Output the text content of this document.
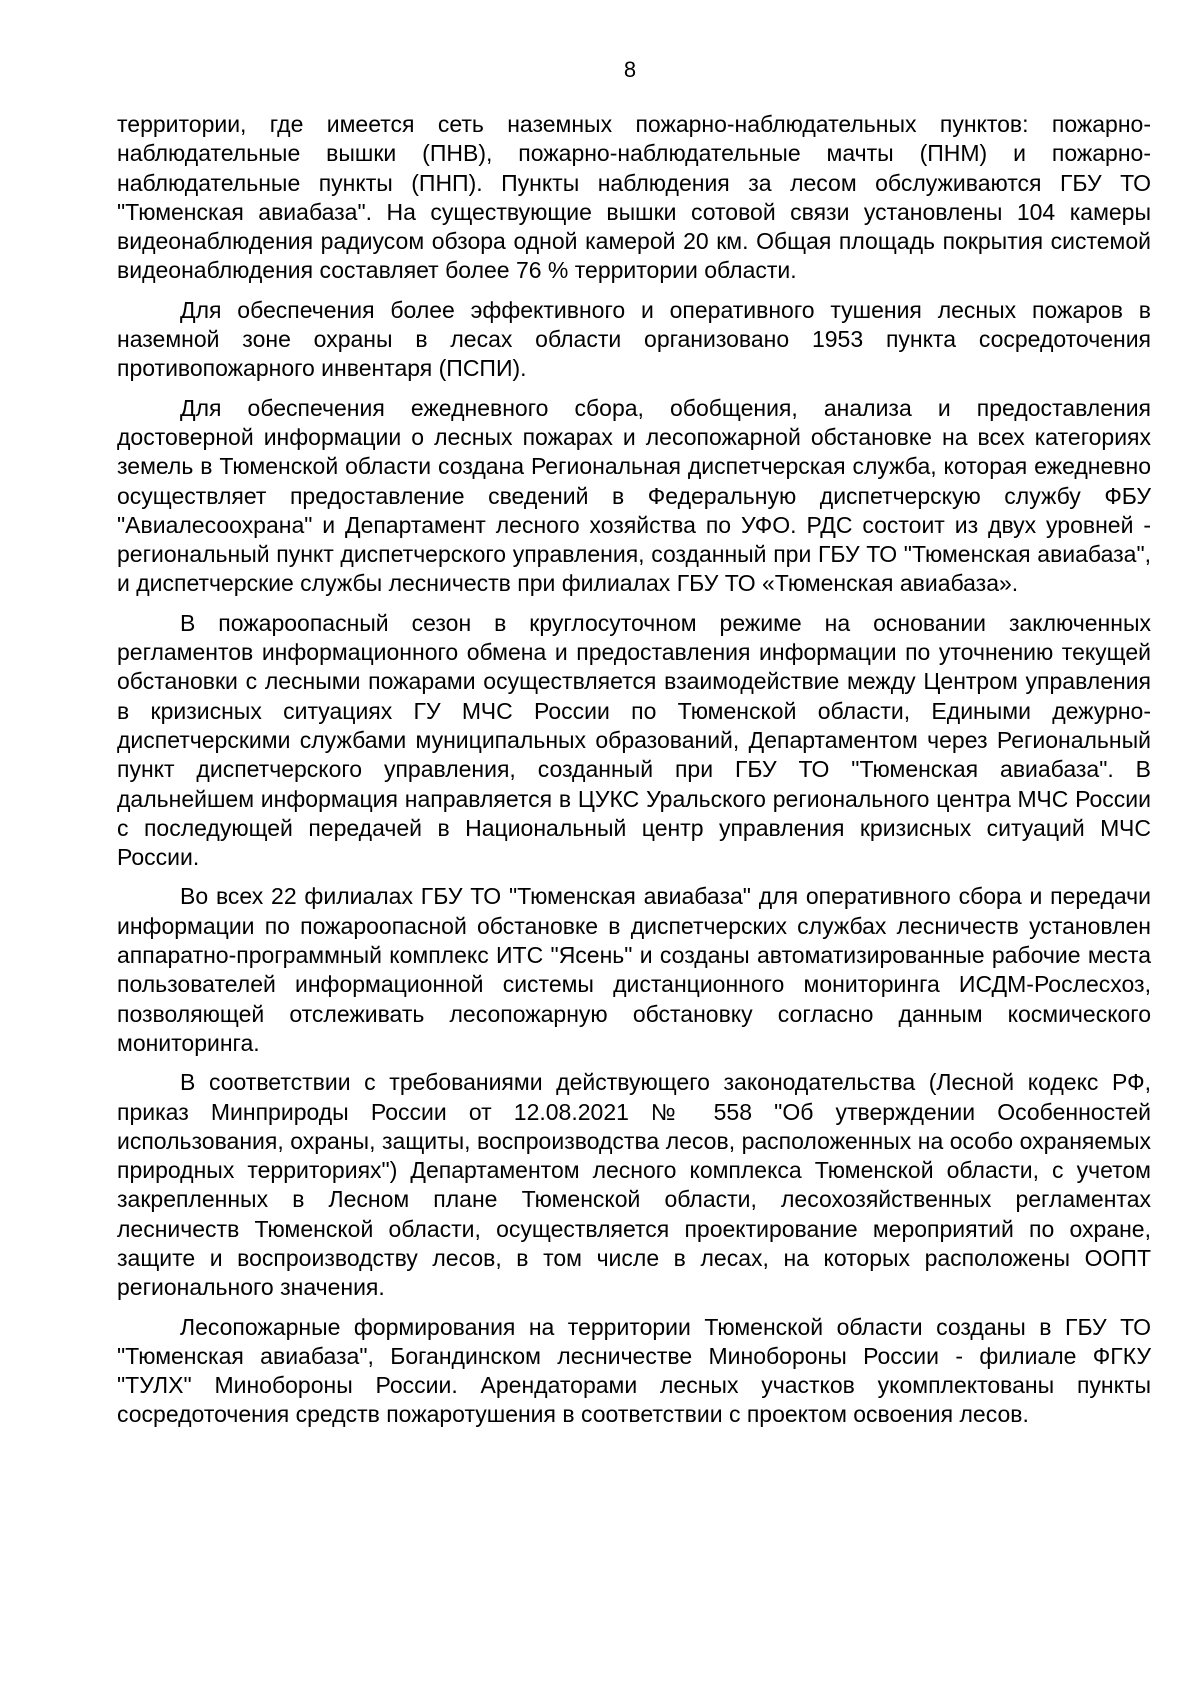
8

территории, где имеется сеть наземных пожарно-наблюдательных пунктов: пожарно-наблюдательные вышки (ПНВ), пожарно-наблюдательные мачты (ПНМ) и пожарно-наблюдательные пункты (ПНП). Пункты наблюдения за лесом обслуживаются ГБУ ТО "Тюменская авиабаза". На существующие вышки сотовой связи установлены 104 камеры видеонаблюдения радиусом обзора одной камерой 20 км. Общая площадь покрытия системой видеонаблюдения составляет более 76 % территории области.

Для обеспечения более эффективного и оперативного тушения лесных пожаров в наземной зоне охраны в лесах области организовано 1953 пункта сосредоточения противопожарного инвентаря (ПСПИ).

Для обеспечения ежедневного сбора, обобщения, анализа и предоставления достоверной информации о лесных пожарах и лесопожарной обстановке на всех категориях земель в Тюменской области создана Региональная диспетчерская служба, которая ежедневно осуществляет предоставление сведений в Федеральную диспетчерскую службу ФБУ "Авиалесоохрана" и Департамент лесного хозяйства по УФО. РДС состоит из двух уровней - региональный пункт диспетчерского управления, созданный при ГБУ ТО "Тюменская авиабаза", и диспетчерские службы лесничеств при филиалах ГБУ ТО «Тюменская авиабаза».

В пожароопасный сезон в круглосуточном режиме на основании заключенных регламентов информационного обмена и предоставления информации по уточнению текущей обстановки с лесными пожарами осуществляется взаимодействие между Центром управления в кризисных ситуациях ГУ МЧС России по Тюменской области, Едиными дежурно-диспетчерскими службами муниципальных образований, Департаментом через Региональный пункт диспетчерского управления, созданный при ГБУ ТО "Тюменская авиабаза". В дальнейшем информация направляется в ЦУКС Уральского регионального центра МЧС России с последующей передачей в Национальный центр управления кризисных ситуаций МЧС России.

Во всех 22 филиалах ГБУ ТО "Тюменская авиабаза" для оперативного сбора и передачи информации по пожароопасной обстановке в диспетчерских службах лесничеств установлен аппаратно-программный комплекс ИТС "Ясень" и созданы автоматизированные рабочие места пользователей информационной системы дистанционного мониторинга ИСДМ-Рослесхоз, позволяющей отслеживать лесопожарную обстановку согласно данным космического мониторинга.

В соответствии с требованиями действующего законодательства (Лесной кодекс РФ, приказ Минприроды России от 12.08.2021 № 558 "Об утверждении Особенностей использования, охраны, защиты, воспроизводства лесов, расположенных на особо охраняемых природных территориях") Департаментом лесного комплекса Тюменской области, с учетом закрепленных в Лесном плане Тюменской области, лесохозяйственных регламентах лесничеств Тюменской области, осуществляется проектирование мероприятий по охране, защите и воспроизводству лесов, в том числе в лесах, на которых расположены ООПТ регионального значения.

Лесопожарные формирования на территории Тюменской области созданы в ГБУ ТО "Тюменская авиабаза", Богандинском лесничестве Минобороны России - филиале ФГКУ "ТУЛХ" Минобороны России. Арендаторами лесных участков укомплектованы пункты сосредоточения средств пожаротушения в соответствии с проектом освоения лесов.
